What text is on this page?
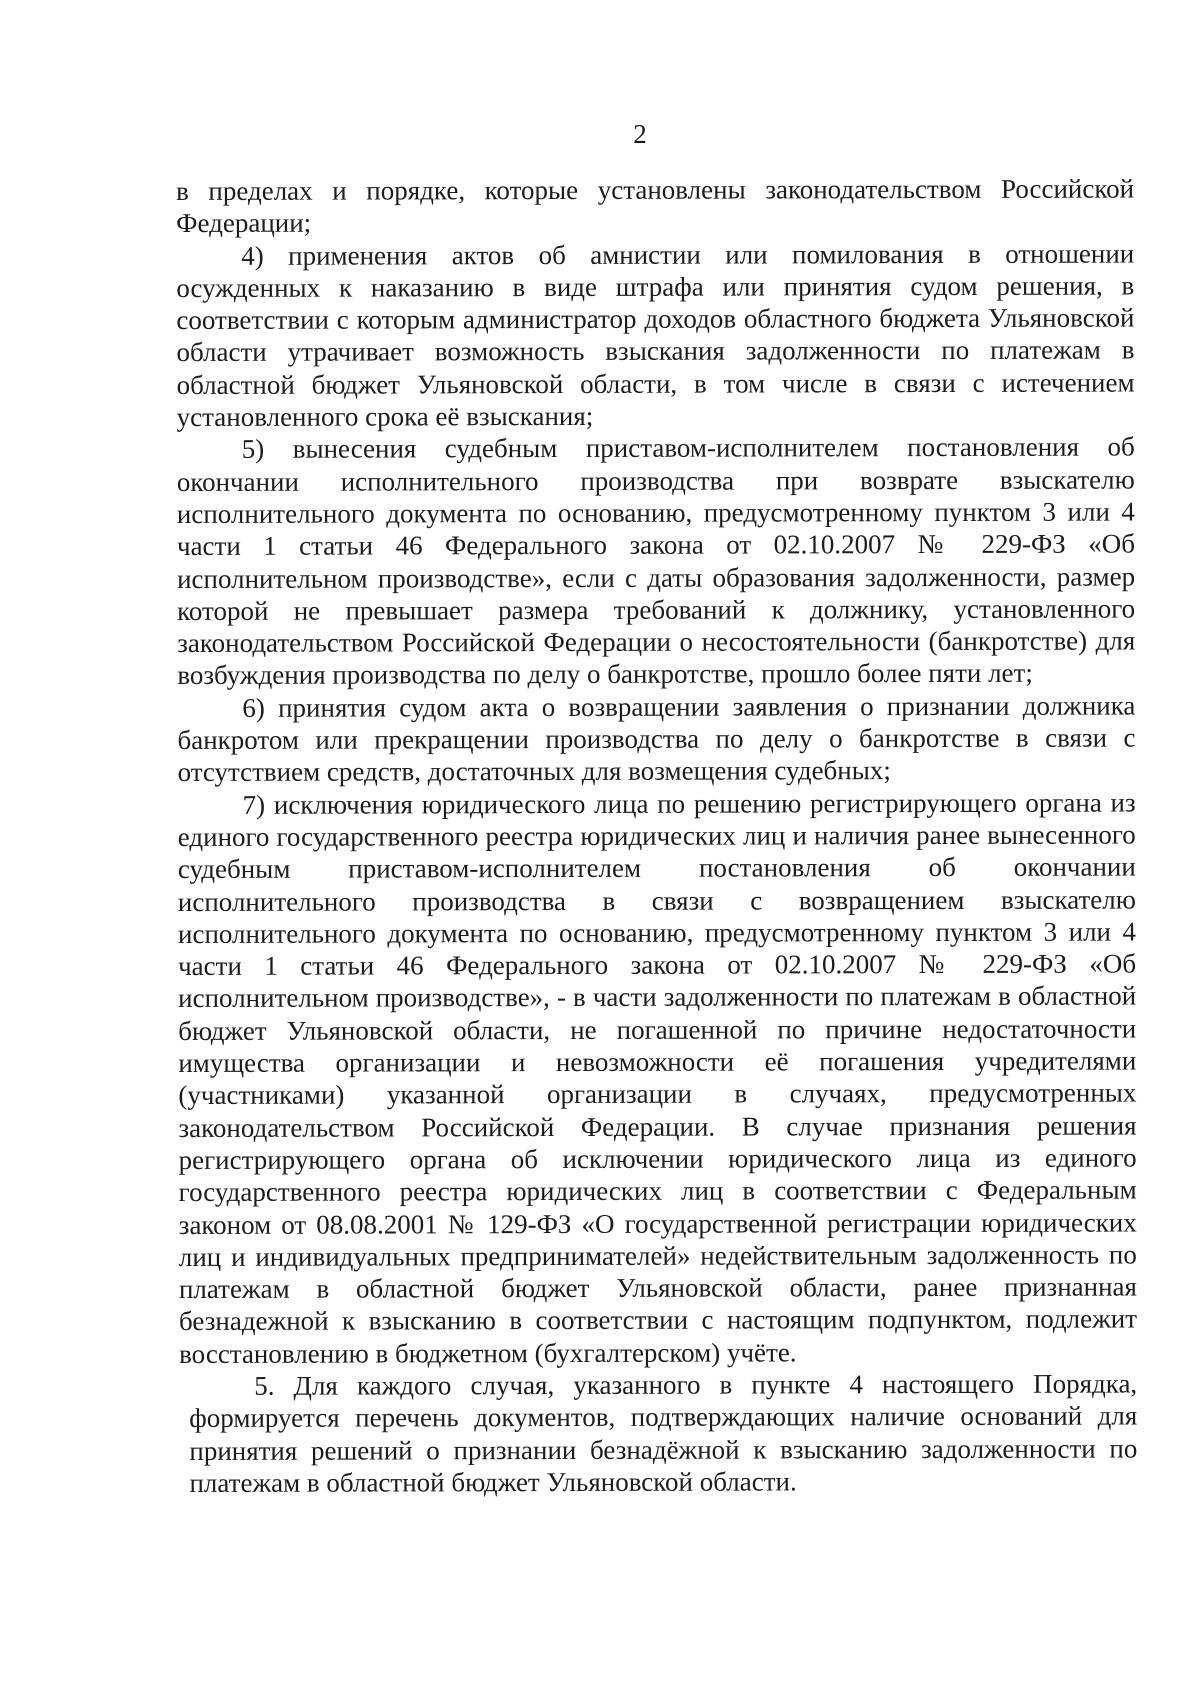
2

в пределах и порядке, которые установлены законодательством Российской Федерации;

4) применения актов об амнистии или помилования в отношении осужденных к наказанию в виде штрафа или принятия судом решения, в соответствии с которым администратор доходов областного бюджета Ульяновской области утрачивает возможность взыскания задолженности по платежам в областной бюджет Ульяновской области, в том числе в связи с истечением установленного срока её взыскания;

5) вынесения судебным приставом-исполнителем постановления об окончании исполнительного производства при возврате взыскателю исполнительного документа по основанию, предусмотренному пунктом 3 или 4 части 1 статьи 46 Федерального закона от 02.10.2007 № 229-ФЗ «Об исполнительном производстве», если с даты образования задолженности, размер которой не превышает размера требований к должнику, установленного законодательством Российской Федерации о несостоятельности (банкротстве) для возбуждения производства по делу о банкротстве, прошло более пяти лет;

6) принятия судом акта о возвращении заявления о признании должника банкротом или прекращении производства по делу о банкротстве в связи с отсутствием средств, достаточных для возмещения судебных;

7) исключения юридического лица по решению регистрирующего органа из единого государственного реестра юридических лиц и наличия ранее вынесенного судебным приставом-исполнителем постановления об окончании исполнительного производства в связи с возвращением взыскателю исполнительного документа по основанию, предусмотренному пунктом 3 или 4 части 1 статьи 46 Федерального закона от 02.10.2007 № 229-ФЗ «Об исполнительном производстве», - в части задолженности по платежам в областной бюджет Ульяновской области, не погашенной по причине недостаточности имущества организации и невозможности её погашения учредителями (участниками) указанной организации в случаях, предусмотренных законодательством Российской Федерации. В случае признания решения регистрирующего органа об исключении юридического лица из единого государственного реестра юридических лиц в соответствии с Федеральным законом от 08.08.2001 № 129-ФЗ «О государственной регистрации юридических лиц и индивидуальных предпринимателей» недействительным задолженность по платежам в областной бюджет Ульяновской области, ранее признанная безнадежной к взысканию в соответствии с настоящим подпунктом, подлежит восстановлению в бюджетном (бухгалтерском) учёте.

5. Для каждого случая, указанного в пункте 4 настоящего Порядка, формируется перечень документов, подтверждающих наличие оснований для принятия решений о признании безнадёжной к взысканию задолженности по платежам в областной бюджет Ульяновской области.
